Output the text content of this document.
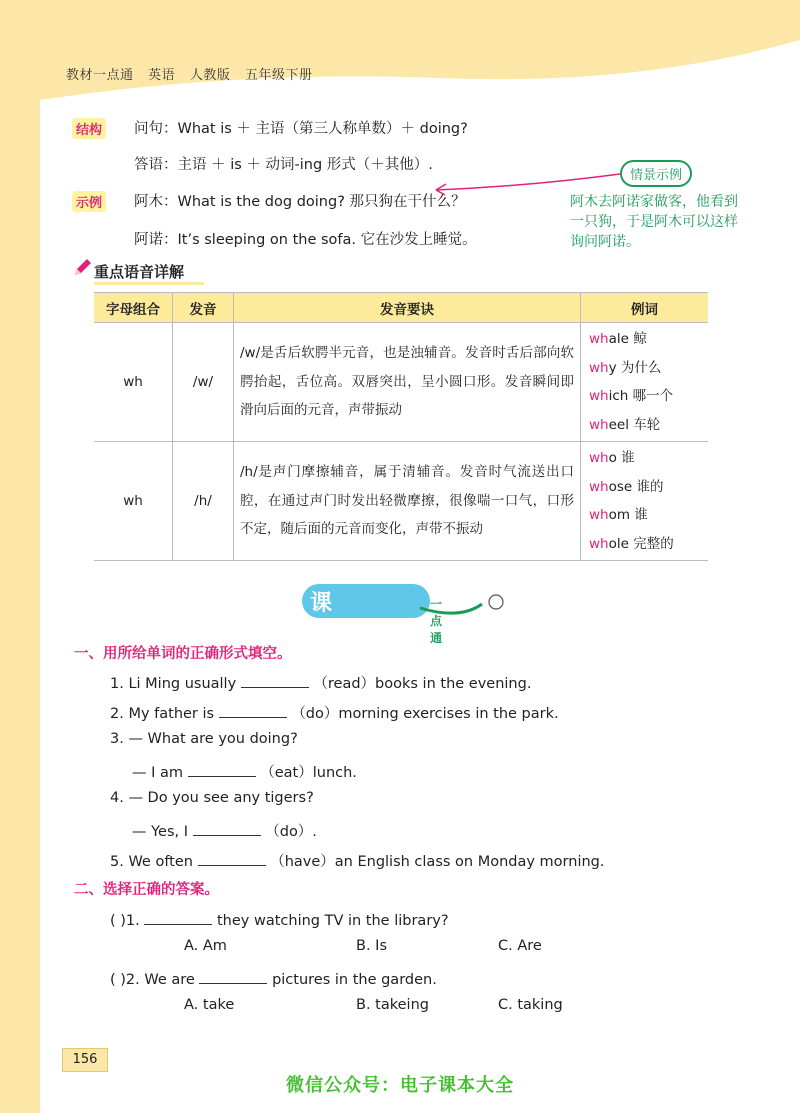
教材一点通 英语 人教版 五年级下册
结构 问句：What is ＋ 主语（第三人称单数）＋ doing?
答语：主语 ＋ is ＋ 动词-ing 形式（＋其他）.
示例 阿木：What is the dog doing? 那只狗在干什么？
阿诺：It’s sleeping on the sofa. 它在沙发上睡觉。
情景示例
阿木去阿诺家做客，他看到一只狗，于是阿木可以这样询问阿诺。
重点语音详解
字母组合	发音	发音要诀	例词
wh	/w/	/w/是舌后软腭半元音，也是浊辅音。发音时舌后部向软腭抬起，舌位高。双唇突出，呈小圆口形。发音瞬间即滑向后面的元音，声带振动	whale 鲸
why 为什么
which 哪一个
wheel 车轮

wh	/h/	/h/是声门摩擦辅音，属于清辅音。发音时气流送出口腔，在通过声门时发出轻微摩擦，很像喘一口气，口形不定，随后面的元音而变化，声带不振动	who 谁
whose 谁的
whom 谁
whole 完整的
课后集训
一点通
一、用所给单词的正确形式填空。
1. Li Ming usually	（read）books in the evening.
2. My father is	（do）morning exercises in the park.
3. — What are you doing?
— I am	（eat）lunch.
4. — Do you see any tigers?
— Yes, I	（do）.
5. We often	（have）an English class on Monday morning.
二、选择正确的答案。
( )1.	they watching TV in the library?
A. Am	B. Is	C. Are
( )2. We are	pictures in the garden.
A. take	B. takeing	C. taking
156
微信公众号：电子课本大全
